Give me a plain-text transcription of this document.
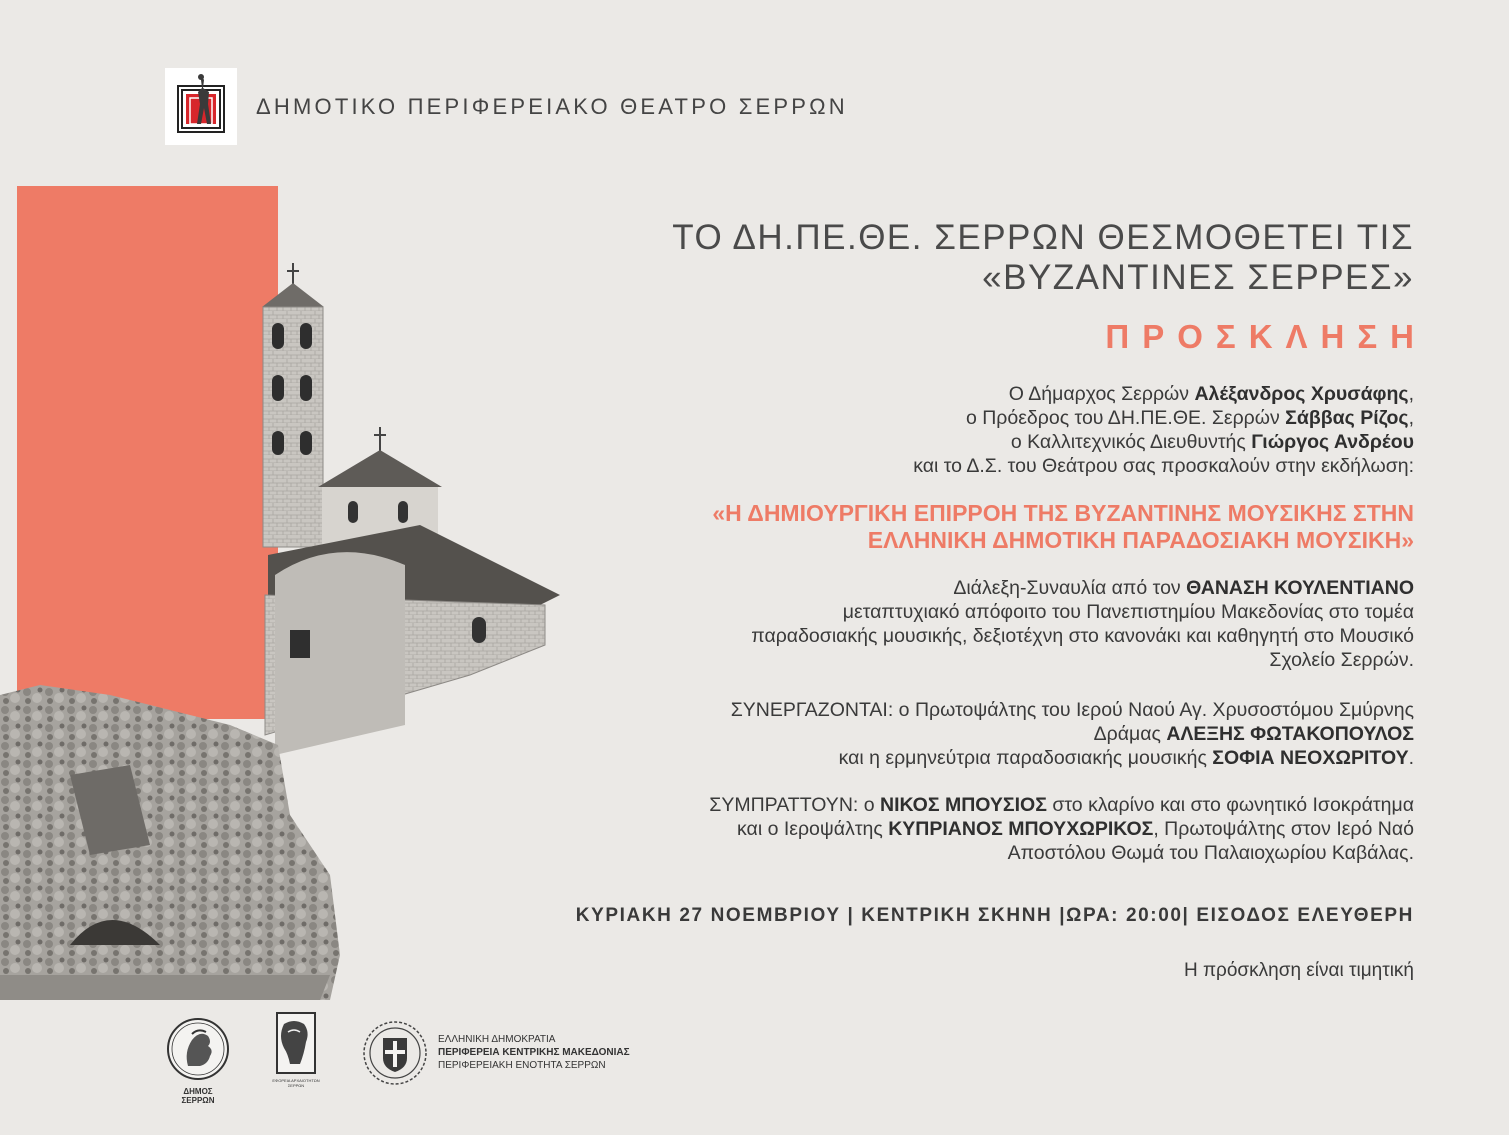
ΔΗΜΟΤΙΚΟ ΠΕΡΙΦΕΡΕΙΑΚΟ ΘΕΑΤΡΟ ΣΕΡΡΩΝ
ΤΟ ΔΗ.ΠΕ.ΘΕ. ΣΕΡΡΩΝ ΘΕΣΜΟΘΕΤΕΙ ΤΙΣ
«ΒΥΖΑΝΤΙΝΕΣ ΣΕΡΡΕΣ»
ΠΡΟΣΚΛΗΣΗ
Ο Δήμαρχος Σερρών Αλέξανδρος Χρυσάφης,
ο Πρόεδρος του ΔΗ.ΠΕ.ΘΕ. Σερρών Σάββας Ρίζος,
ο Καλλιτεχνικός Διευθυντής Γιώργος Ανδρέου
και το Δ.Σ. του Θεάτρου σας προσκαλούν στην εκδήλωση:
«Η ΔΗΜΙΟΥΡΓΙΚΗ ΕΠΙΡΡΟΗ ΤΗΣ ΒΥΖΑΝΤΙΝΗΣ ΜΟΥΣΙΚΗΣ ΣΤΗΝ
ΕΛΛΗΝΙΚΗ ΔΗΜΟΤΙΚΗ ΠΑΡΑΔΟΣΙΑΚΗ ΜΟΥΣΙΚΗ»
Διάλεξη-Συναυλία από τον ΘΑΝΑΣΗ ΚΟΥΛΕΝΤΙΑΝΟ
μεταπτυχιακό απόφοιτο του Πανεπιστημίου Μακεδονίας στο τομέα
παραδοσιακής μουσικής, δεξιοτέχνη στο κανονάκι και καθηγητή στο Μουσικό
Σχολείο Σερρών.
ΣΥΝΕΡΓΑΖΟΝΤΑΙ: ο Πρωτοψάλτης του Ιερού Ναού Αγ. Χρυσοστόμου Σμύρνης
Δράμας ΑΛΕΞΗΣ ΦΩΤΑΚΟΠΟΥΛΟΣ
και η ερμηνεύτρια παραδοσιακής μουσικής ΣΟΦΙΑ ΝΕΟΧΩΡΙΤΟΥ.
ΣΥΜΠΡΑΤΤΟΥΝ: ο ΝΙΚΟΣ ΜΠΟΥΣΙΟΣ στο κλαρίνο και στο φωνητικό Ισοκράτημα
και ο Ιεροψάλτης ΚΥΠΡΙΑΝΟΣ ΜΠΟΥΧΩΡΙΚΟΣ, Πρωτοψάλτης στον Ιερό Ναό
Αποστόλου Θωμά του Παλαιοχωρίου Καβάλας.
ΚΥΡΙΑΚΗ 27 ΝΟΕΜΒΡΙΟΥ | ΚΕΝΤΡΙΚΗ ΣΚΗΝΗ |ΩΡΑ: 20:00| ΕΙΣΟΔΟΣ ΕΛΕΥΘΕΡΗ
Η πρόσκληση είναι τιμητική
ΔΗΜΟΣ ΣΕΡΡΩΝ
ΕΦΟΡΕΙΑ ΑΡΧΑΙΟΤΗΤΩΝ
ΣΕΡΡΩΝ
ΕΛΛΗΝΙΚΗ ΔΗΜΟΚΡΑΤΙΑ
ΠΕΡΙΦΕΡΕΙΑ ΚΕΝΤΡΙΚΗΣ ΜΑΚΕΔΟΝΙΑΣ
ΠΕΡΙΦΕΡΕΙΑΚΗ ΕΝΟΤΗΤΑ ΣΕΡΡΩΝ
